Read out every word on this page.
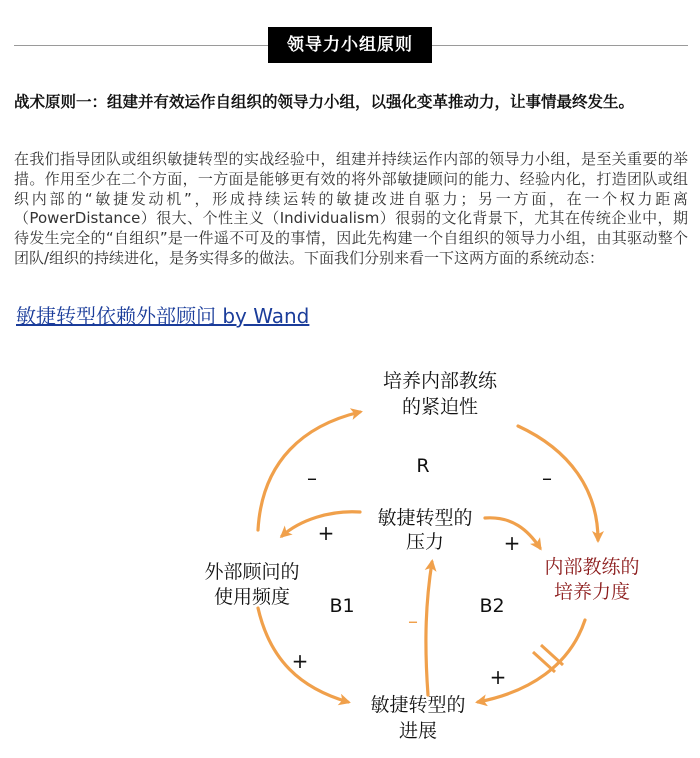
领导力小组原则
战术原则一：组建并有效运作自组织的领导力小组，以强化变革推动力，让事情最终发生。
在我们指导团队或组织敏捷转型的实战经验中，组建并持续运作内部的领导力小组，是至关重要的举措。作用至少在二个方面，一方面是能够更有效的将外部敏捷顾问的能力、经验内化，打造团队或组织内部的“敏捷发动机”，形成持续运转的敏捷改进自驱力；另一方面，在一个权力距离（PowerDistance）很大、个性主义（Individualism）很弱的文化背景下，尤其在传统企业中，期待发生完全的“自组织”是一件遥不可及的事情，因此先构建一个自组织的领导力小组，由其驱动整个团队/组织的持续进化，是务实得多的做法。下面我们分别来看一下这两方面的系统动态：
敏捷转型依赖外部顾问 by Wand
培养内部教练
的紧迫性
敏捷转型的
压力
外部顾问的
使用频度
内部教练的
培养力度
敏捷转型的
进展
R
B1	B2
–	–
+	+
+
+
–
